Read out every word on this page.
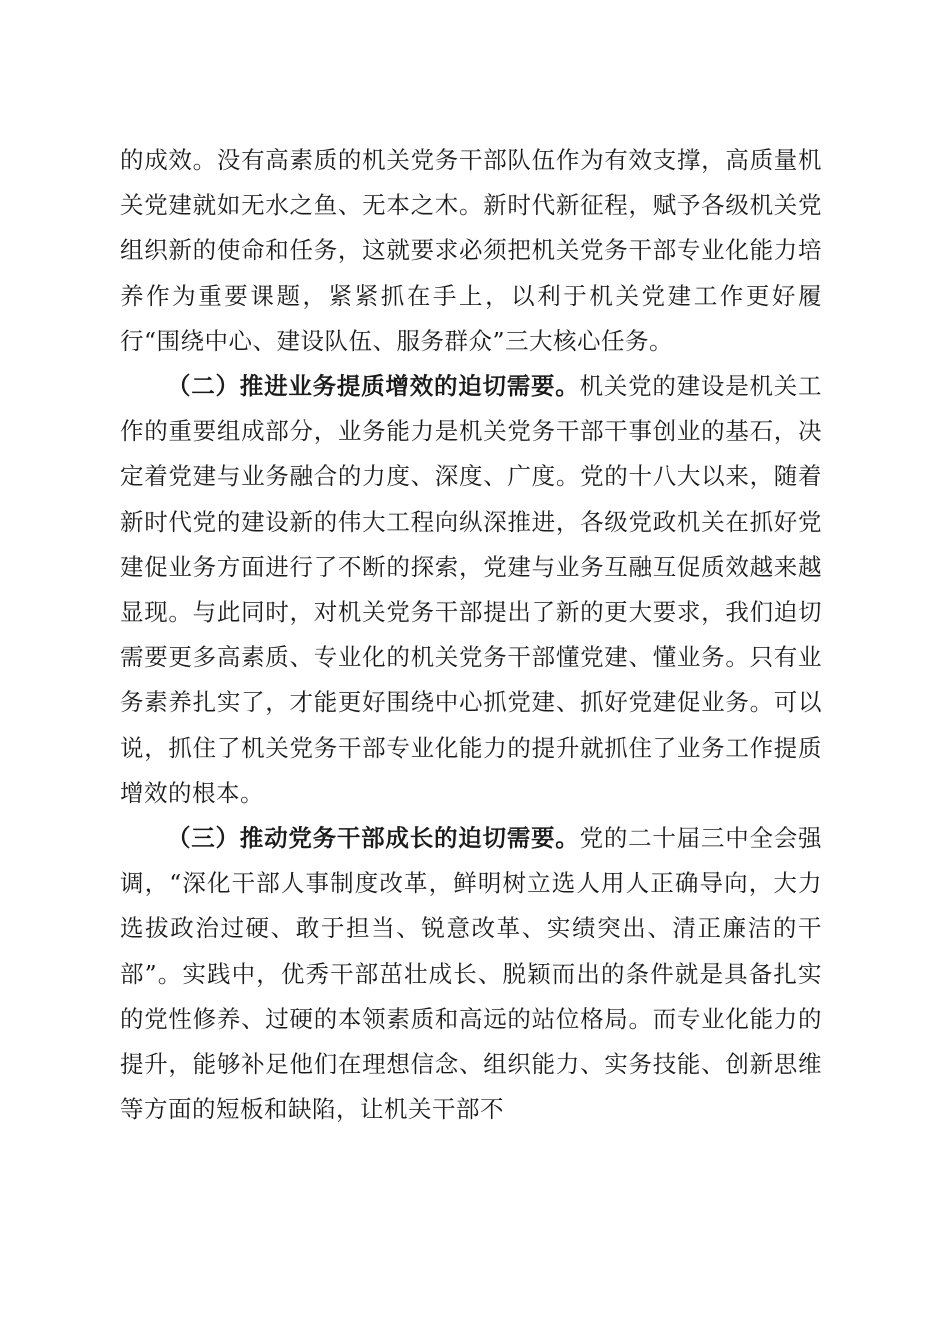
的成效。没有高素质的机关党务干部队伍作为有效支撑，高质量机关党建就如无水之鱼、无本之木。新时代新征程，赋予各级机关党组织新的使命和任务，这就要求必须把机关党务干部专业化能力培养作为重要课题，紧紧抓在手上，以利于机关党建工作更好履行“围绕中心、建设队伍、服务群众”三大核心任务。

（二）推进业务提质增效的迫切需要。机关党的建设是机关工作的重要组成部分，业务能力是机关党务干部干事创业的基石，决定着党建与业务融合的力度、深度、广度。党的十八大以来，随着新时代党的建设新的伟大工程向纵深推进，各级党政机关在抓好党建促业务方面进行了不断的探索，党建与业务互融互促质效越来越显现。与此同时，对机关党务干部提出了新的更大要求，我们迫切需要更多高素质、专业化的机关党务干部懂党建、懂业务。只有业务素养扎实了，才能更好围绕中心抓党建、抓好党建促业务。可以说，抓住了机关党务干部专业化能力的提升就抓住了业务工作提质增效的根本。

（三）推动党务干部成长的迫切需要。党的二十届三中全会强调，“深化干部人事制度改革，鲜明树立选人用人正确导向，大力选拔政治过硬、敢于担当、锐意改革、实绩突出、清正廉洁的干部”。实践中，优秀干部茁壮成长、脱颖而出的条件就是具备扎实的党性修养、过硬的本领素质和高远的站位格局。而专业化能力的提升，能够补足他们在理想信念、组织能力、实务技能、创新思维等方面的短板和缺陷，让机关干部不
